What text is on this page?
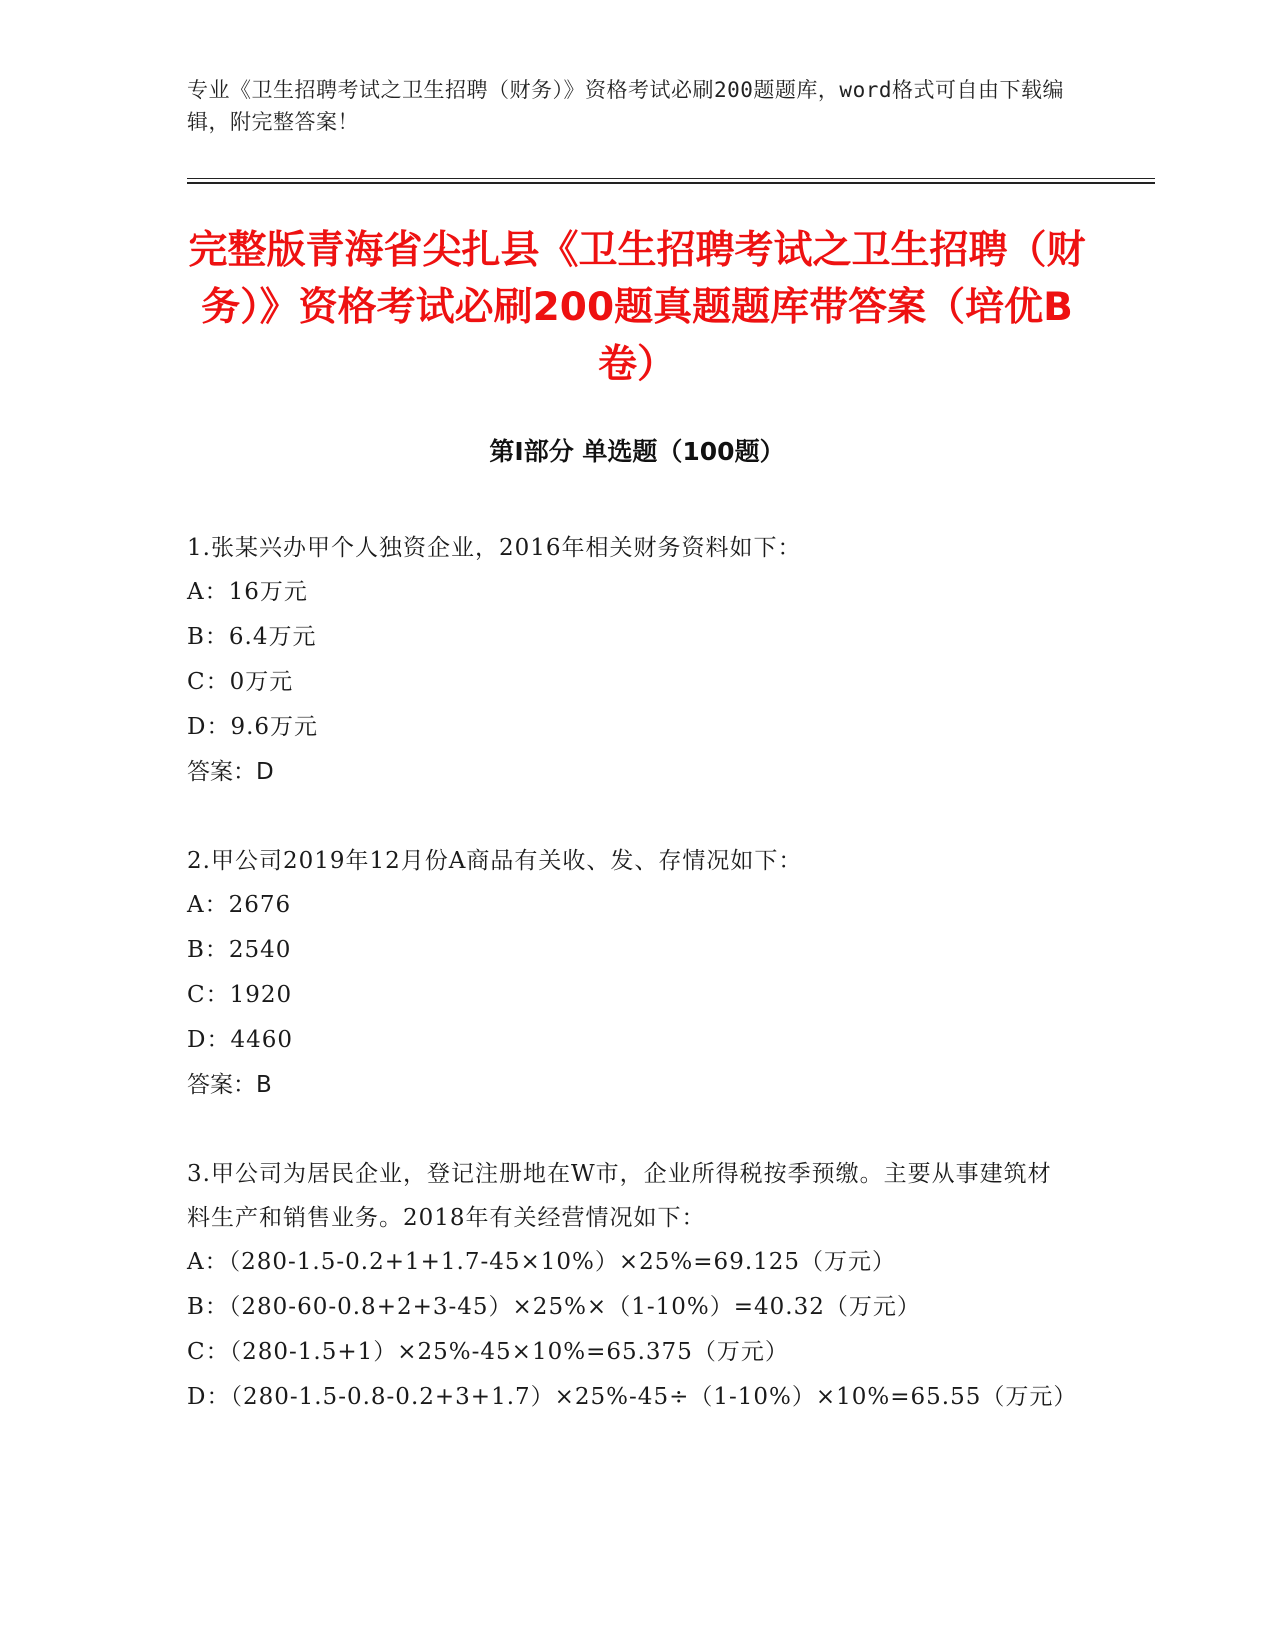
专业《卫生招聘考试之卫生招聘（财务）》资格考试必刷200题题库，word格式可自由下载编辑，附完整答案！
完整版青海省尖扎县《卫生招聘考试之卫生招聘（财务）》资格考试必刷200题真题题库带答案（培优B卷）
第Ⅰ部分 单选题（100题）

1.张某兴办甲个人独资企业，2016年相关财务资料如下：

A：16万元

B：6.4万元

C：0万元

D：9.6万元

答案：D

2.甲公司2019年12月份A商品有关收、发、存情况如下：

A：2676

B：2540

C：1920

D：4460

答案：B

3.甲公司为居民企业，登记注册地在W市，企业所得税按季预缴。主要从事建筑材料生产和销售业务。2018年有关经营情况如下：

A：（280-1.5-0.2+1+1.7-45×10%）×25%=69.125（万元）

B：（280-60-0.8+2+3-45）×25%×（1-10%）=40.32（万元）

C：（280-1.5+1）×25%-45×10%=65.375（万元）

D：（280-1.5-0.8-0.2+3+1.7）×25%-45÷（1-10%）×10%=65.55（万元）
